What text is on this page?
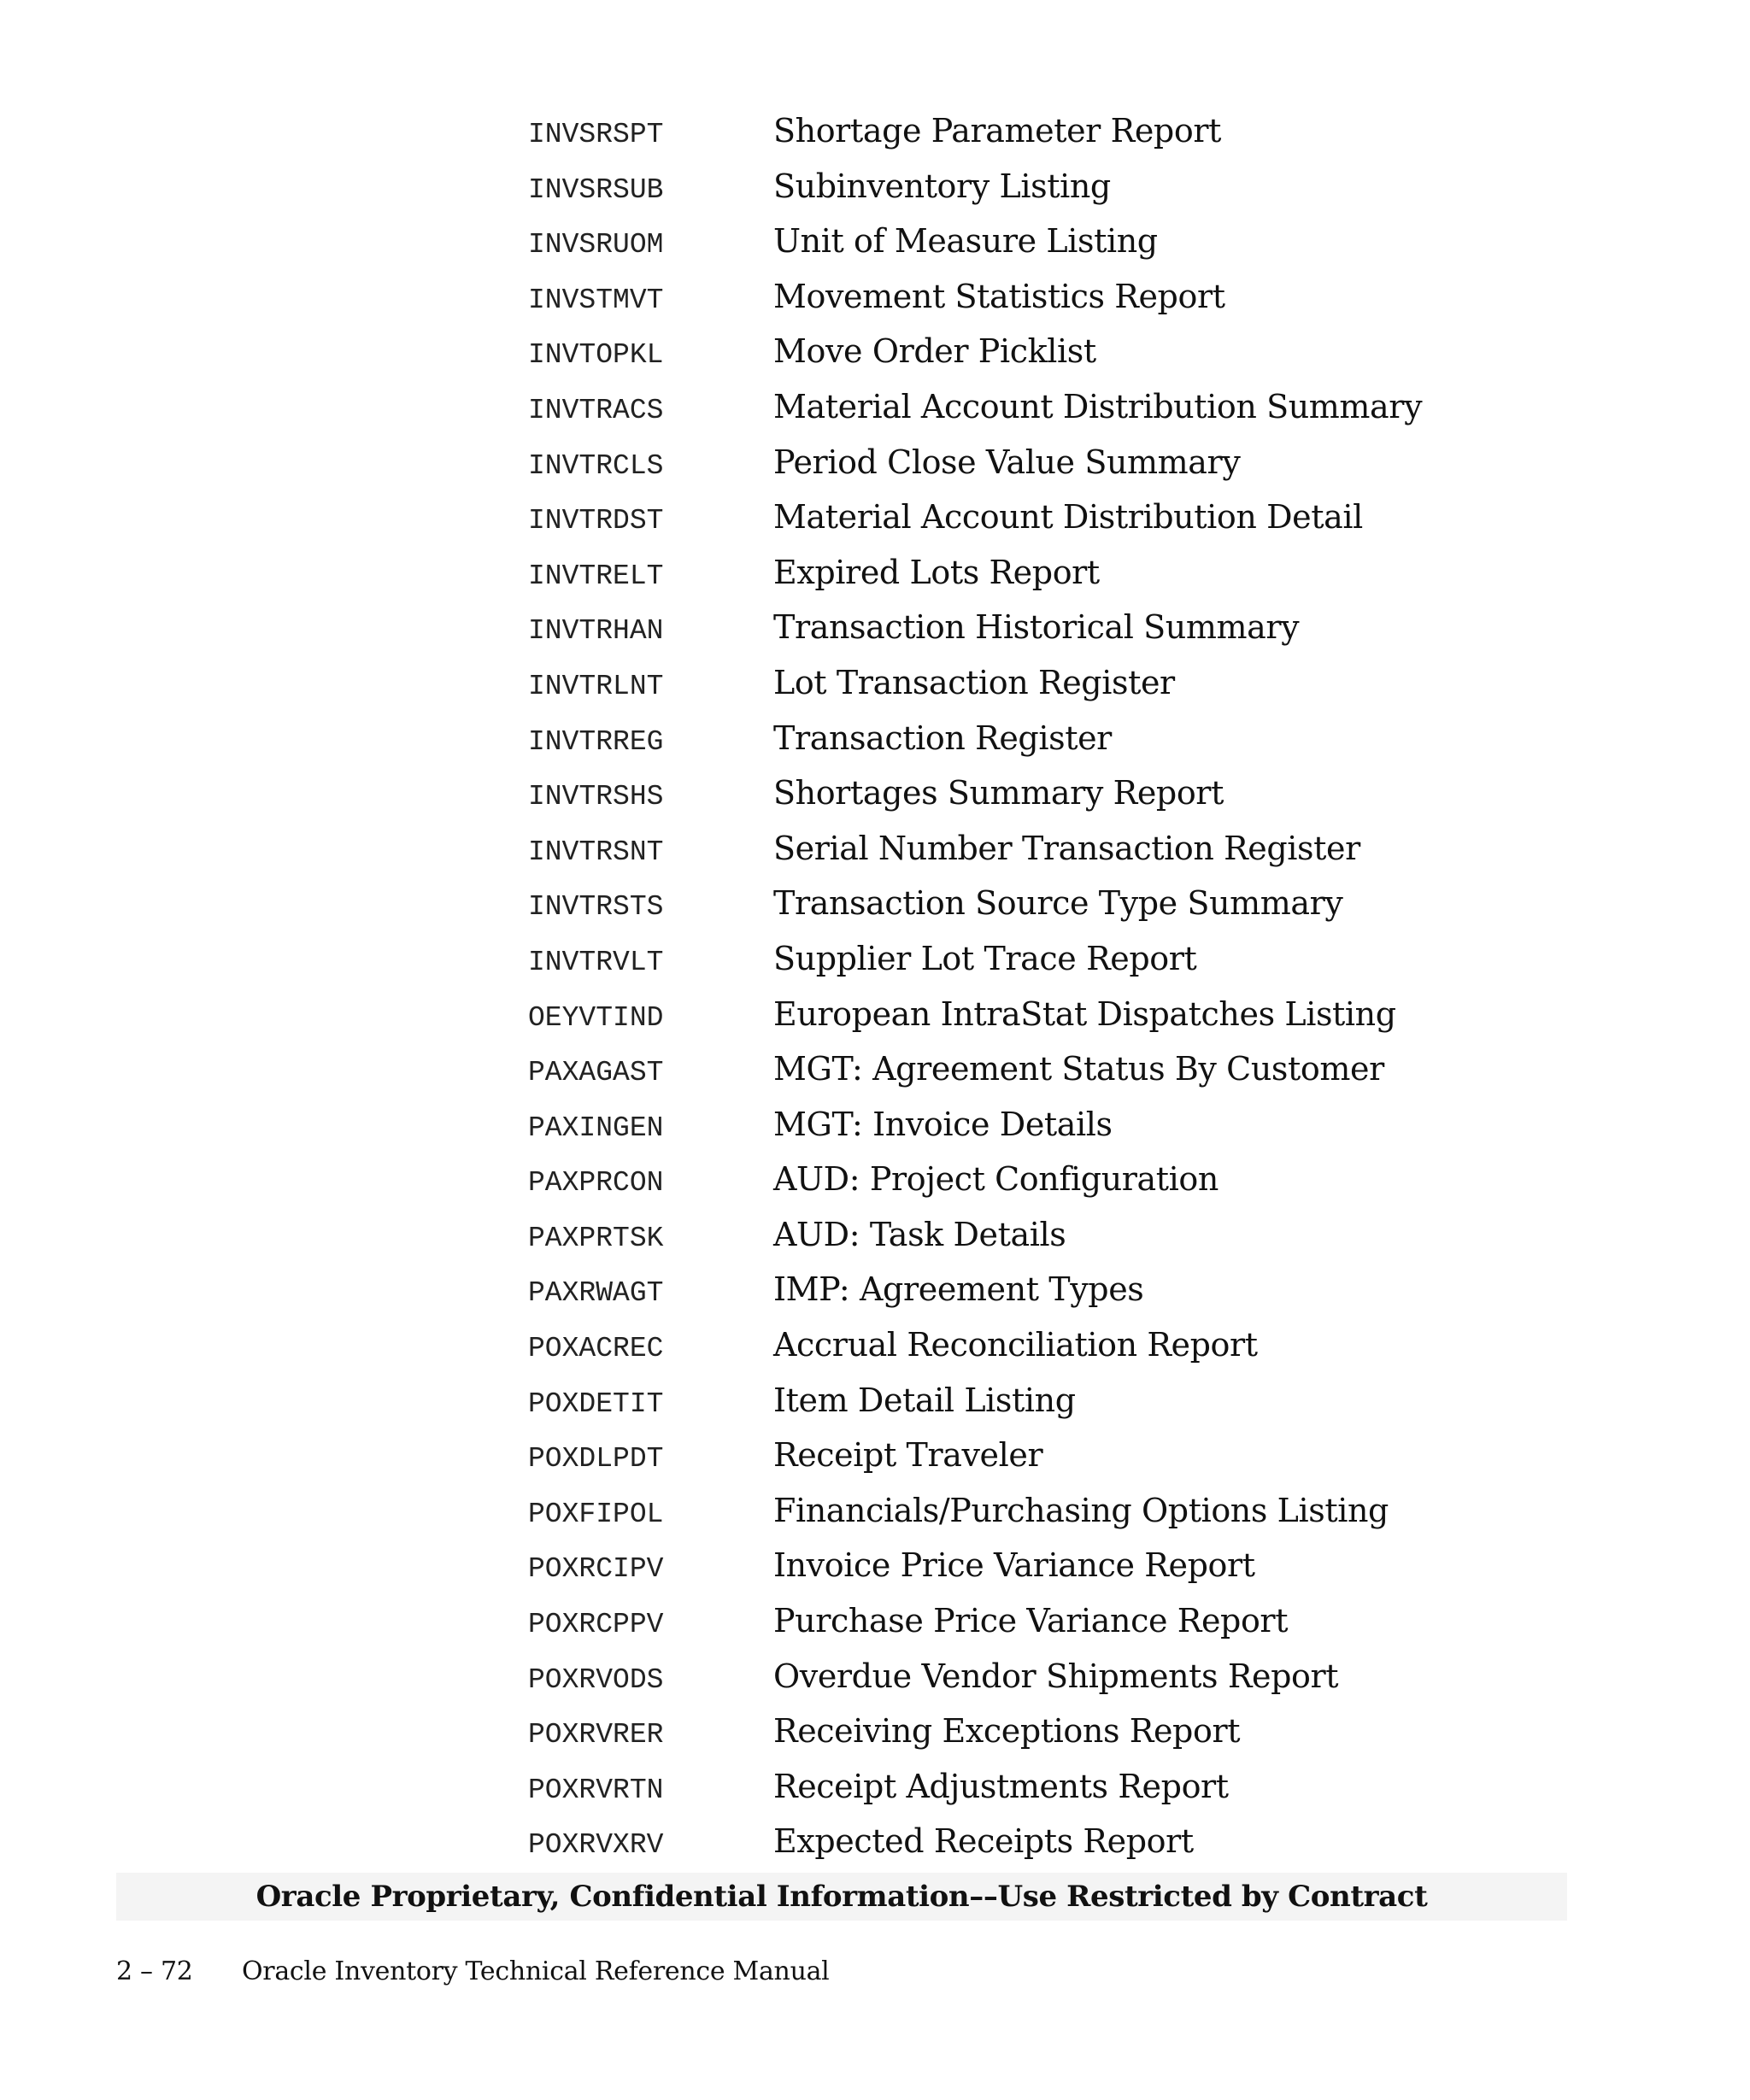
INVSRSPT	Shortage Parameter Report
INVSRSUB	Subinventory Listing
INVSRUOM	Unit of Measure Listing
INVSTMVT	Movement Statistics Report
INVTOPKL	Move Order Picklist
INVTRACS	Material Account Distribution Summary
INVTRCLS	Period Close Value Summary
INVTRDST	Material Account Distribution Detail
INVTRELT	Expired Lots Report
INVTRHAN	Transaction Historical Summary
INVTRLNT	Lot Transaction Register
INVTRREG	Transaction Register
INVTRSHS	Shortages Summary Report
INVTRSNT	Serial Number Transaction Register
INVTRSTS	Transaction Source Type Summary
INVTRVLT	Supplier Lot Trace Report
OEYVTIND	European IntraStat Dispatches Listing
PAXAGAST	MGT: Agreement Status By Customer
PAXINGEN	MGT: Invoice Details
PAXPRCON	AUD: Project Configuration
PAXPRTSK	AUD: Task Details
PAXRWAGT	IMP: Agreement Types
POXACREC	Accrual Reconciliation Report
POXDETIT	Item Detail Listing
POXDLPDT	Receipt Traveler
POXFIPOL	Financials/Purchasing Options Listing
POXRCIPV	Invoice Price Variance Report
POXRCPPV	Purchase Price Variance Report
POXRVODS	Overdue Vendor Shipments Report
POXRVRER	Receiving Exceptions Report
POXRVRTN	Receipt Adjustments Report
POXRVXRV	Expected Receipts Report
Oracle Proprietary, Confidential Information––Use Restricted by Contract
2 – 72 Oracle Inventory Technical Reference Manual
